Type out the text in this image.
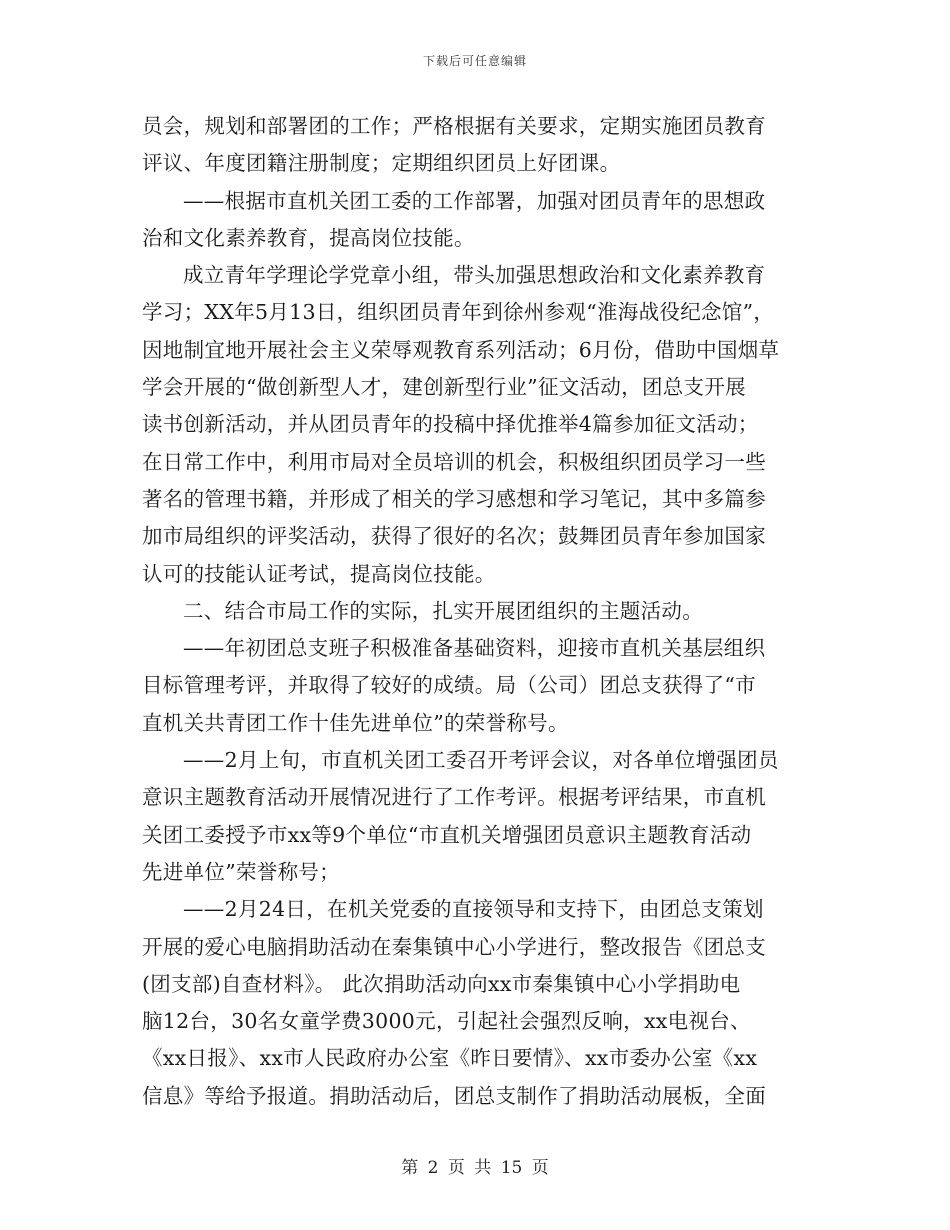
下载后可任意编辑
员会，规划和部署团的工作；严格根据有关要求，定期实施团员教育
评议、年度团籍注册制度；定期组织团员上好团课。
——根据市直机关团工委的工作部署，加强对团员青年的思想政
治和文化素养教育，提高岗位技能。
成立青年学理论学党章小组，带头加强思想政治和文化素养教育
学习；XX年5月13日，组织团员青年到徐州参观“淮海战役纪念馆”，
因地制宜地开展社会主义荣辱观教育系列活动；6月份，借助中国烟草
学会开展的“做创新型人才，建创新型行业”征文活动，团总支开展
读书创新活动，并从团员青年的投稿中择优推举4篇参加征文活动；
在日常工作中，利用市局对全员培训的机会，积极组织团员学习一些
著名的管理书籍，并形成了相关的学习感想和学习笔记，其中多篇参
加市局组织的评奖活动，获得了很好的名次；鼓舞团员青年参加国家
认可的技能认证考试，提高岗位技能。
二、结合市局工作的实际，扎实开展团组织的主题活动。
——年初团总支班子积极准备基础资料，迎接市直机关基层组织
目标管理考评，并取得了较好的成绩。局（公司）团总支获得了“市
直机关共青团工作十佳先进单位”的荣誉称号。
——2月上旬，市直机关团工委召开考评会议，对各单位增强团员
意识主题教育活动开展情况进行了工作考评。根据考评结果，市直机
关团工委授予市xx等9个单位“市直机关增强团员意识主题教育活动
先进单位”荣誉称号；
——2月24日，在机关党委的直接领导和支持下，由团总支策划
开展的爱心电脑捐助活动在秦集镇中心小学进行，整改报告《团总支
(团支部)自查材料》。 此次捐助活动向xx市秦集镇中心小学捐助电
脑12台，30名女童学费3000元，引起社会强烈反响，xx电视台、
《xx日报》、xx市人民政府办公室《昨日要情》、xx市委办公室《xx
信息》等给予报道。捐助活动后，团总支制作了捐助活动展板，全面
第 2 页 共 15 页
